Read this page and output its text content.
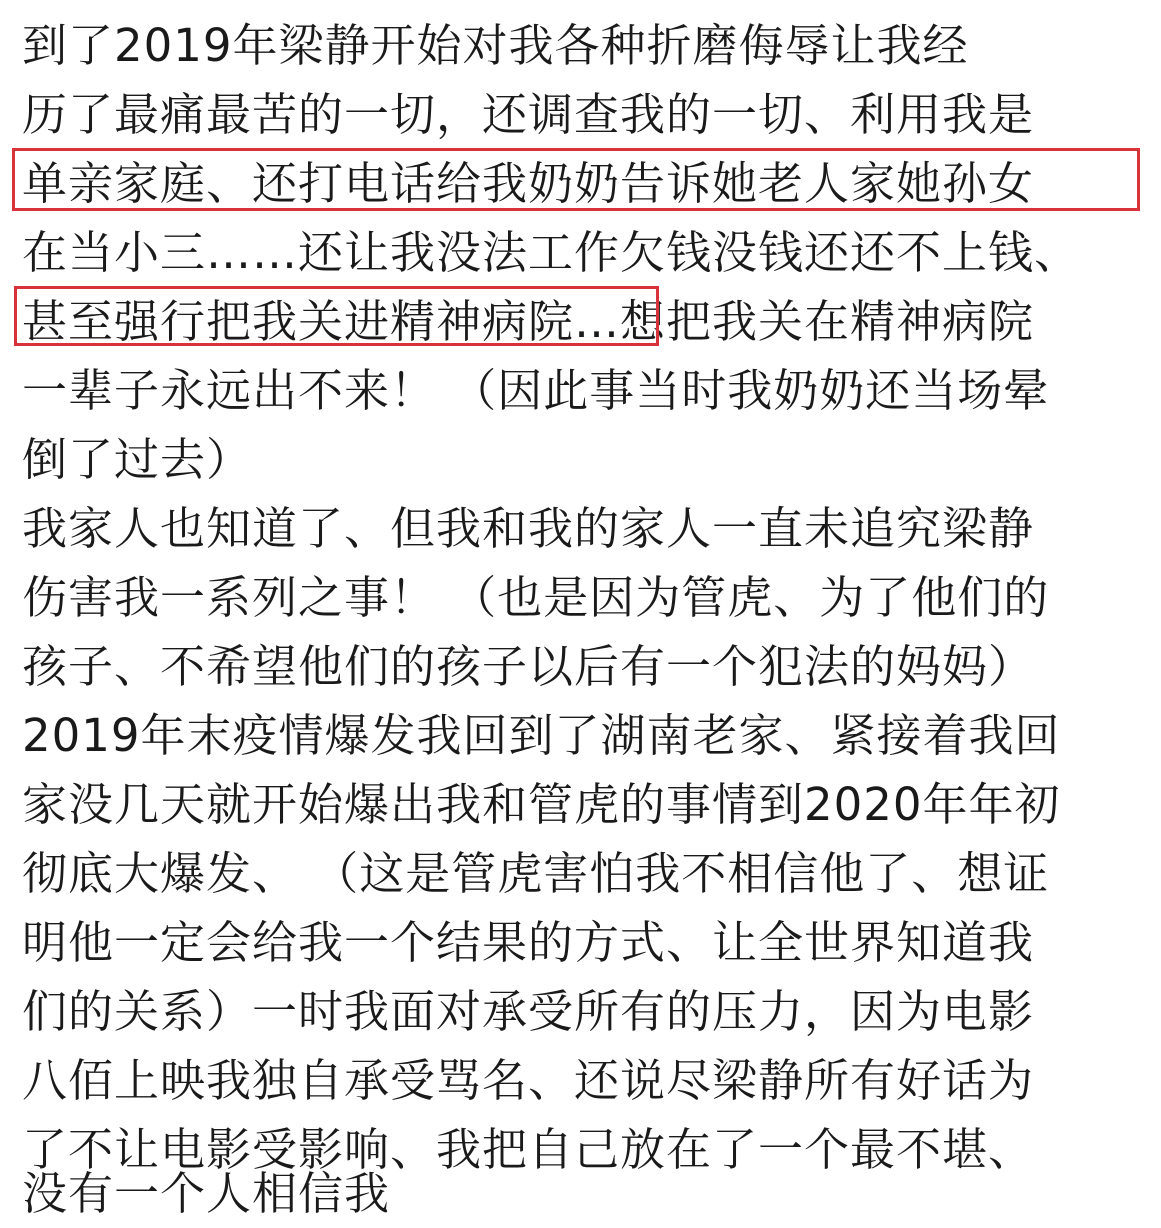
到了2019年梁静开始对我各种折磨侮辱让我经
历了最痛最苦的一切，还调查我的一切、利用我是
单亲家庭、还打电话给我奶奶告诉她老人家她孙女
在当小三……还让我没法工作欠钱没钱还还不上钱、
甚至强行把我关进精神病院…想把我关在精神病院
一辈子永远出不来！ （因此事当时我奶奶还当场晕
倒了过去）
我家人也知道了、但我和我的家人一直未追究梁静
伤害我一系列之事！ （也是因为管虎、为了他们的
孩子、不希望他们的孩子以后有一个犯法的妈妈）
2019年末疫情爆发我回到了湖南老家、紧接着我回
家没几天就开始爆出我和管虎的事情到2020年年初
彻底大爆发、 （这是管虎害怕我不相信他了、想证
明他一定会给我一个结果的方式、让全世界知道我
们的关系）一时我面对承受所有的压力，因为电影
八佰上映我独自承受骂名、还说尽梁静所有好话为
了不让电影受影响、我把自己放在了一个最不堪、
没有一个人相信我
